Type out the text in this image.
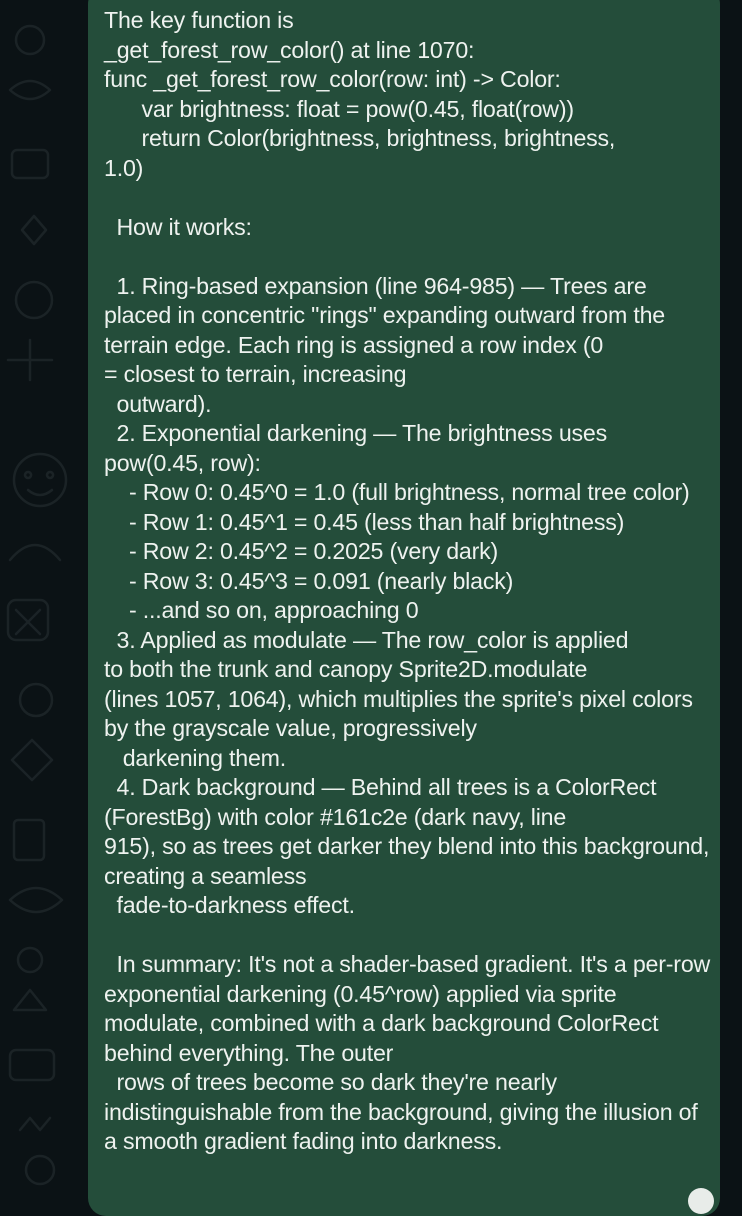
The key function is
_get_forest_row_color() at line 1070:
func _get_forest_row_color(row: int) -> Color:
var brightness: float = pow(0.45, float(row))
return Color(brightness, brightness, brightness,
1.0)

How it works:

1. Ring-based expansion (line 964-985) — Trees are placed in concentric "rings" expanding outward from the terrain edge. Each ring is assigned a row index (0
= closest to terrain, increasing
outward).
2. Exponential darkening — The brightness uses
pow(0.45, row):
- Row 0: 0.45^0 = 1.0 (full brightness, normal tree color)
- Row 1: 0.45^1 = 0.45 (less than half brightness)
- Row 2: 0.45^2 = 0.2025 (very dark)
- Row 3: 0.45^3 = 0.091 (nearly black)
- ...and so on, approaching 0
3. Applied as modulate — The row_color is applied
to both the trunk and canopy Sprite2D.modulate
(lines 1057, 1064), which multiplies the sprite's pixel colors by the grayscale value, progressively
darkening them.
4. Dark background — Behind all trees is a ColorRect (ForestBg) with color #161c2e (dark navy, line
915), so as trees get darker they blend into this background, creating a seamless
fade-to-darkness effect.

In summary: It's not a shader-based gradient. It's a per-row exponential darkening (0.45^row) applied via sprite modulate, combined with a dark background ColorRect behind everything. The outer
rows of trees become so dark they're nearly indistinguishable from the background, giving the illusion of a smooth gradient fading into darkness.
